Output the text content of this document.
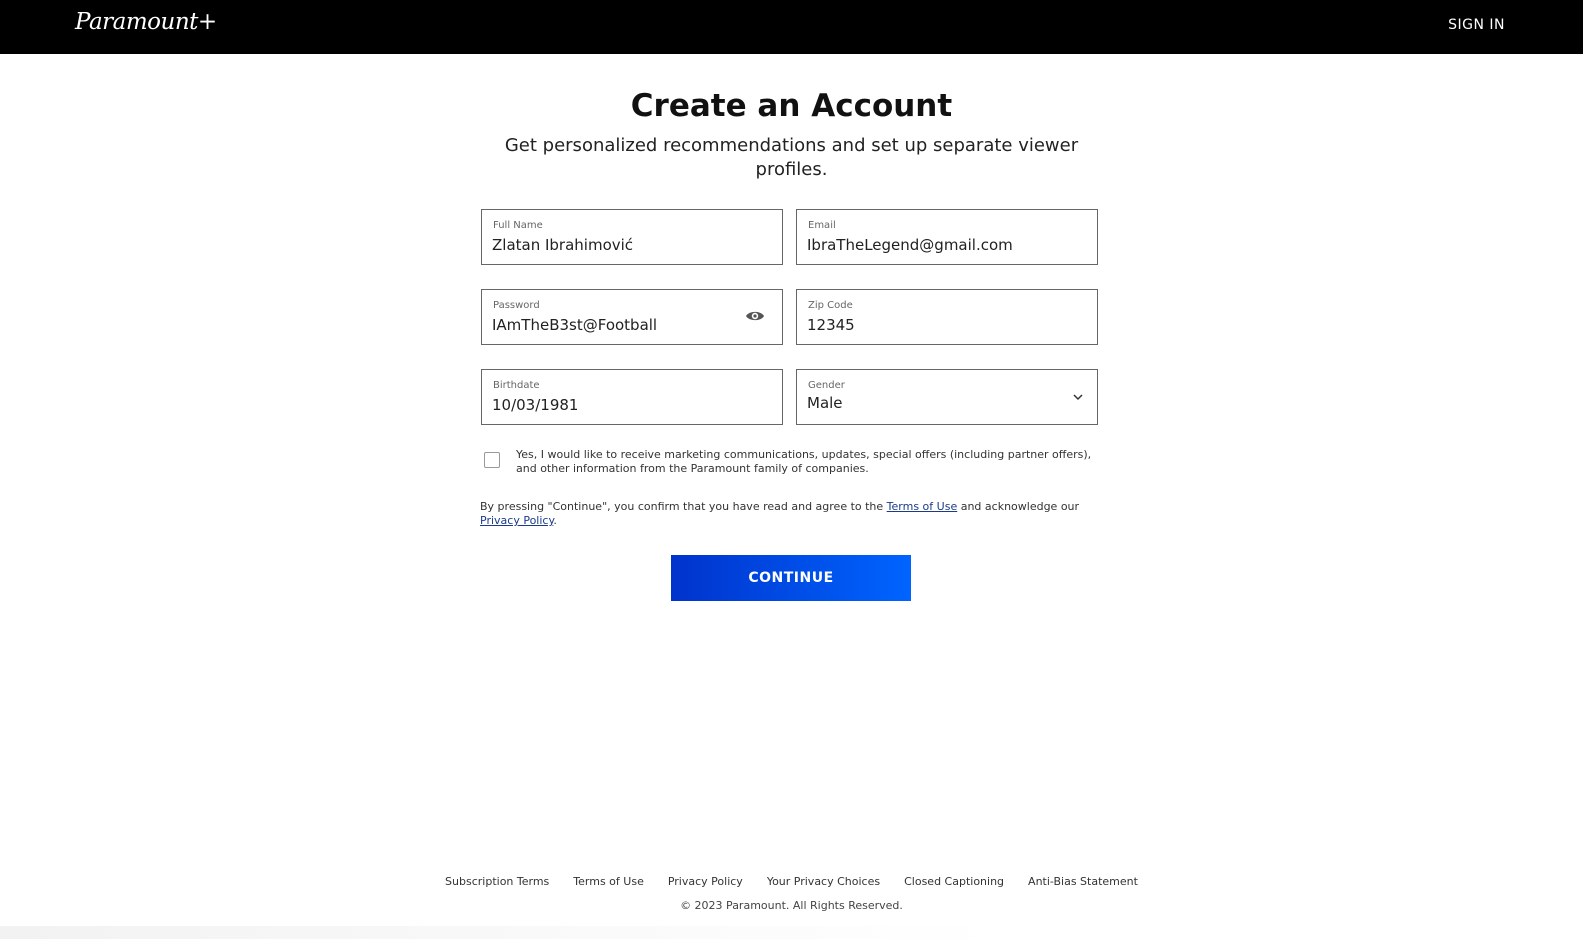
Paramount+	SIGN IN
Create an Account

Get personalized recommendations and set up separate viewer profiles.

Full Name
Zlatan Ibrahimović
Email
IbraTheLegend@gmail.com
Password
IAmTheB3st@Football
Zip Code
12345
Birthdate
10/03/1981
Gender
Male

Yes, I would like to receive marketing communications, updates, special offers (including partner offers), and other information from the Paramount family of companies.

By pressing "Continue", you confirm that you have read and agree to the Terms of Use and acknowledge our Privacy Policy.

CONTINUE
Subscription Terms Terms of Use Privacy Policy Your Privacy Choices Closed Captioning Anti-Bias Statement
© 2023 Paramount. All Rights Reserved.
